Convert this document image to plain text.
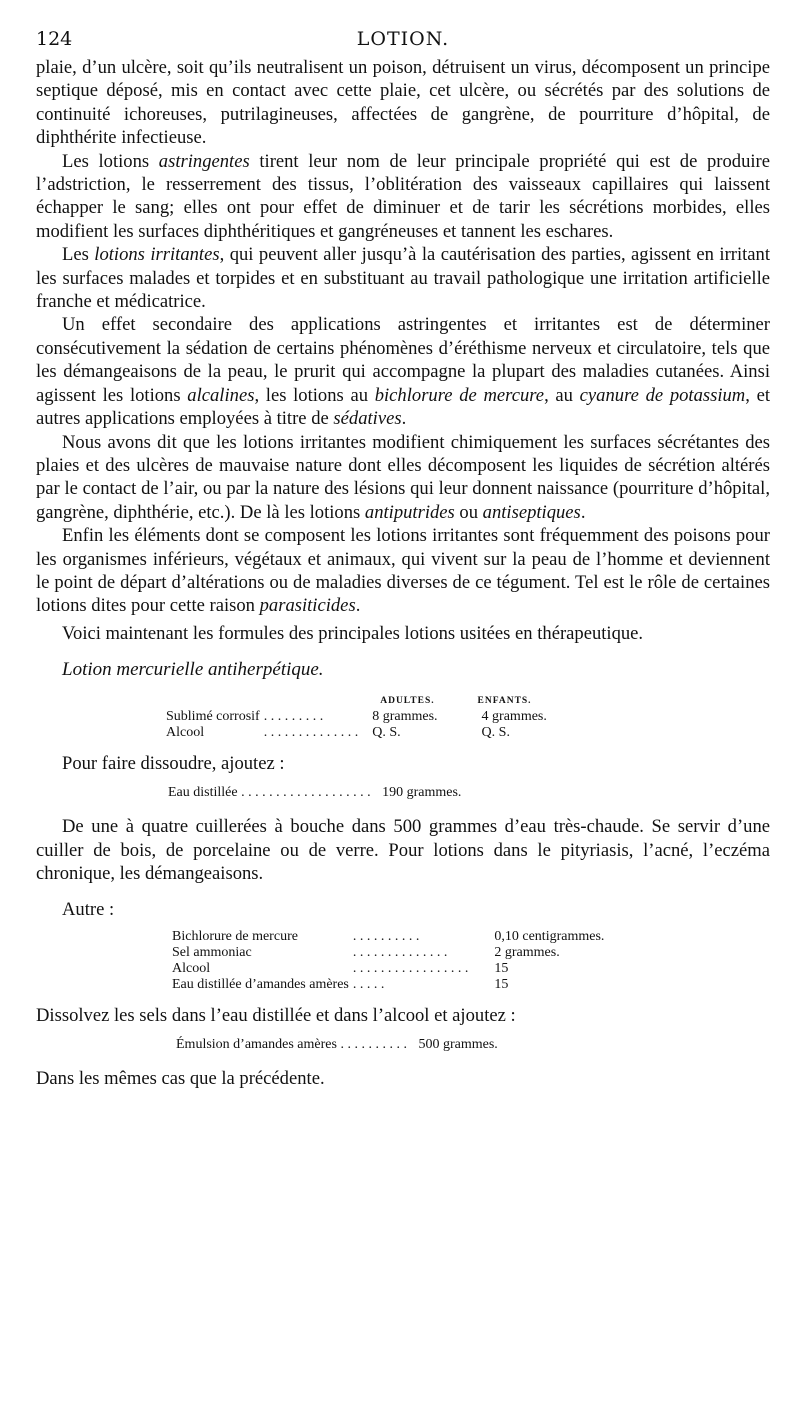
124	LOTION.

plaie, d’un ulcère, soit qu’ils neutralisent un poison, détruisent un virus, décomposent un principe septique déposé, mis en contact avec cette plaie, cet ulcère, ou sécrétés par des solutions de continuité ichoreuses, putrilagineuses, affectées de gangrène, de pourriture d’hôpital, de diphthérite infectieuse.

Les lotions astringentes tirent leur nom de leur principale propriété qui est de produire l’adstriction, le resserrement des tissus, l’oblitération des vaisseaux capillaires qui laissent échapper le sang; elles ont pour effet de diminuer et de tarir les sécrétions morbides, elles modifient les surfaces diphthéritiques et gangréneuses et tannent les eschares.

Les lotions irritantes, qui peuvent aller jusqu’à la cautérisation des parties, agissent en irritant les surfaces malades et torpides et en substituant au travail pathologique une irritation artificielle franche et médicatrice.

Un effet secondaire des applications astringentes et irritantes est de déterminer consécutivement la sédation de certains phénomènes d’éréthisme nerveux et circulatoire, tels que les démangeaisons de la peau, le prurit qui accompagne la plupart des maladies cutanées. Ainsi agissent les lotions alcalines, les lotions au bichlorure de mercure, au cyanure de potassium, et autres applications employées à titre de sédatives.

Nous avons dit que les lotions irritantes modifient chimiquement les surfaces sécrétantes des plaies et des ulcères de mauvaise nature dont elles décomposent les liquides de sécrétion altérés par le contact de l’air, ou par la nature des lésions qui leur donnent naissance (pourriture d’hôpital, gangrène, diphthérie, etc.). De là les lotions antiputrides ou antiseptiques.

Enfin les éléments dont se composent les lotions irritantes sont fréquemment des poisons pour les organismes inférieurs, végétaux et animaux, qui vivent sur la peau de l’homme et deviennent le point de départ d’altérations ou de maladies diverses de ce tégument. Tel est le rôle de certaines lotions dites pour cette raison parasiticides.

Voici maintenant les formules des principales lotions usitées en thérapeutique.

Lotion mercurielle antiherpétique.
		ADULTES.	ENFANTS.
Sublimé corrosif	. . . . . . . . .	8 grammes.	4 grammes.
Alcool	. . . . . . . . . . . . . .	Q. S.	Q. S.
Pour faire dissoudre, ajoutez :
Eau distillée . . . . . . . . . . . . . . . . . . . 190 grammes.

De une à quatre cuillerées à bouche dans 500 grammes d’eau très-chaude. Se servir d’une cuiller de bois, de porcelaine ou de verre. Pour lotions dans le pityriasis, l’acné, l’eczéma chronique, les démangeaisons.

Autre :
Bichlorure de mercure	. . . . . . . . . .	0,10 centigrammes.
Sel ammoniac	. . . . . . . . . . . . . .	2 grammes.
Alcool	. . . . . . . . . . . . . . . . .	15
Eau distillée d’amandes amères	. . . . .	15
Dissolvez les sels dans l’eau distillée et dans l’alcool et ajoutez :
Émulsion d’amandes amères . . . . . . . . . . 500 grammes.

Dans les mêmes cas que la précédente.
